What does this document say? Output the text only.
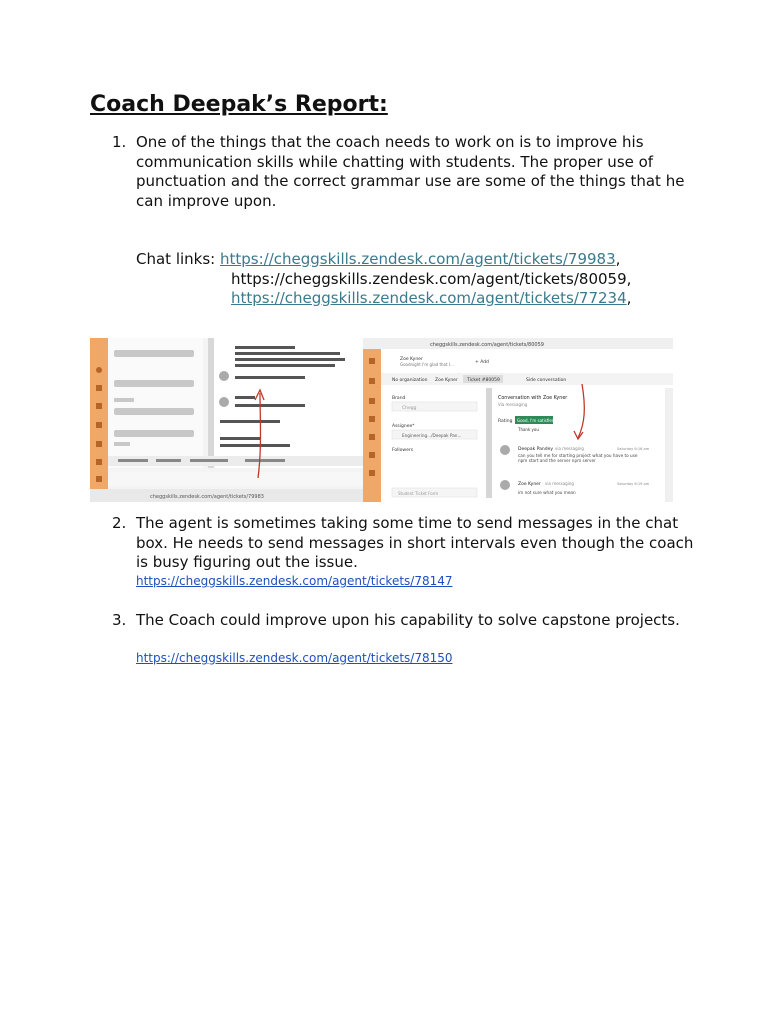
Coach Deepak’s Report:
1. One of the things that the coach needs to work on is to improve his communication skills while chatting with students. The proper use of punctuation and the correct grammar use are some of the things that he can improve upon.
Chat links: https://cheggskills.zendesk.com/agent/tickets/79983,
https://cheggskills.zendesk.com/agent/tickets/80059,
https://cheggskills.zendesk.com/agent/tickets/77234,
cheggskills.zendesk.com/agent/tickets/79983
cheggskills.zendesk.com/agent/tickets/80059
Zoe Kyner
Goodnight I'm glad that I...	+ Add
No organization Zoe Kyner Ticket #80059	Side conversation
Brand
Chegg
Assignee*
Engineering.../Deepak Pan...
Followers
Student Ticket Form
Conversation with Zoe Kyner
Via messaging
Rating Good, I'm satisfied
Thank you
Deepak Pandey via messaging	Saturday 6:16 am
can you tell me for starting project what you have to use npm start and the server npm server
Zoe Kyner via messaging	Saturday 6:19 am
im not sure what you mean
2. The agent is sometimes taking some time to send messages in the chat box. He needs to send messages in short intervals even though the coach is busy figuring out the issue.
https://cheggskills.zendesk.com/agent/tickets/78147
3. The Coach could improve upon his capability to solve capstone projects.
https://cheggskills.zendesk.com/agent/tickets/78150
